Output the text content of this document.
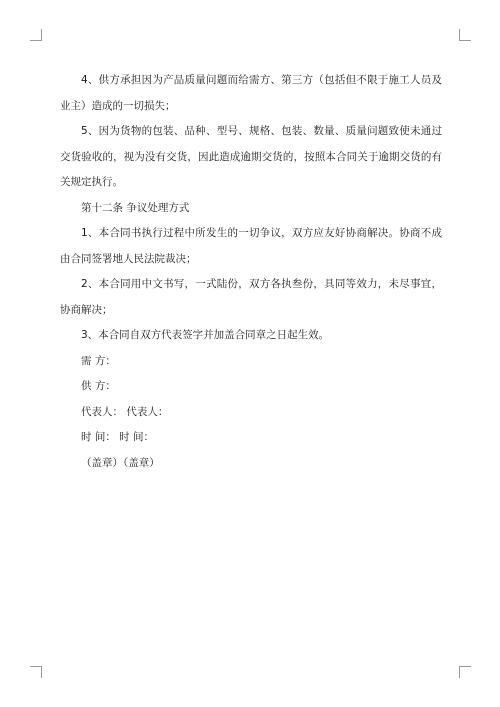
4、供方承担因为产品质量问题而给需方、第三方（包括但不限于施工人员及业主）造成的一切损失；

5、因为货物的包装、品种、型号、规格、包装、数量、质量问题致使未通过交货验收的，视为没有交货，因此造成逾期交货的，按照本合同关于逾期交货的有关规定执行。

第十二条 争议处理方式

1、本合同书执行过程中所发生的一切争议，双方应友好协商解决。协商不成由合同签署地人民法院裁决；

2、本合同用中文书写，一式陆份，双方各执叁份，具同等效力，未尽事宜，协商解决；

3、本合同自双方代表签字并加盖合同章之日起生效。

需 方：

供 方：

代表人： 代表人：

时 间： 时 间：

（盖章）（盖章）
